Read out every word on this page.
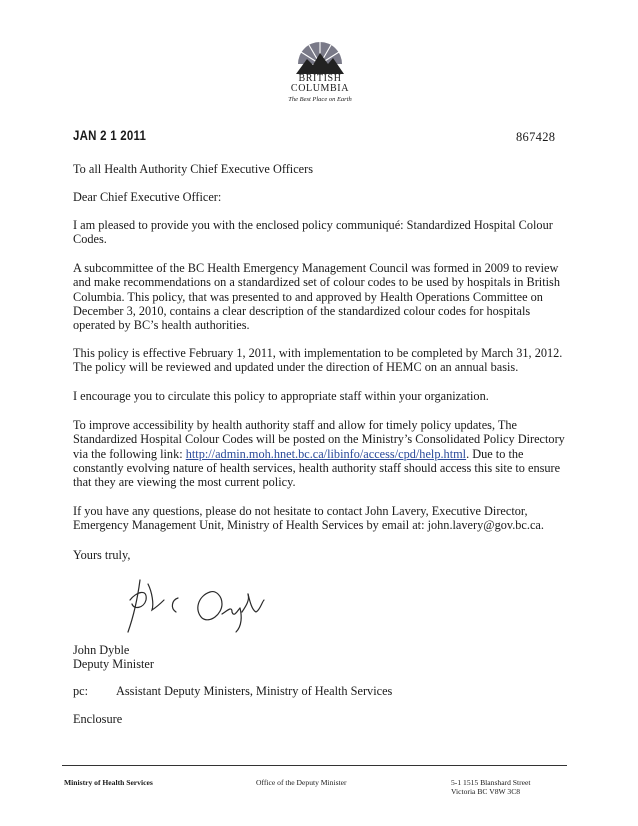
BRITISH
COLUMBIA
The Best Place on Earth
JAN 2 1 2011	867428
To all Health Authority Chief Executive Officers
Dear Chief Executive Officer:

I am pleased to provide you with the enclosed policy communiqué: Standardized Hospital Colour Codes.

A subcommittee of the BC Health Emergency Management Council was formed in 2009 to review and make recommendations on a standardized set of colour codes to be used by hospitals in British Columbia. This policy, that was presented to and approved by Health Operations Committee on December 3, 2010, contains a clear description of the standardized colour codes for hospitals operated by BC’s health authorities.

This policy is effective February 1, 2011, with implementation to be completed by March 31, 2012. The policy will be reviewed and updated under the direction of HEMC on an annual basis.

I encourage you to circulate this policy to appropriate staff within your organization.

To improve accessibility by health authority staff and allow for timely policy updates, The Standardized Hospital Colour Codes will be posted on the Ministry’s Consolidated Policy Directory via the following link: http://admin.moh.hnet.bc.ca/libinfo/access/cpd/help.html. Due to the constantly evolving nature of health services, health authority staff should access this site to ensure that they are viewing the most current policy.

If you have any questions, please do not hesitate to contact John Lavery, Executive Director, Emergency Management Unit, Ministry of Health Services by email at: john.lavery@gov.bc.ca.

Yours truly,
John Dyble
Deputy Minister
pc: Assistant Deputy Ministers, Ministry of Health Services
Enclosure
Ministry of Health Services	Office of the Deputy Minister	5-1 1515 Blanshard Street
Victoria BC V8W 3C8
